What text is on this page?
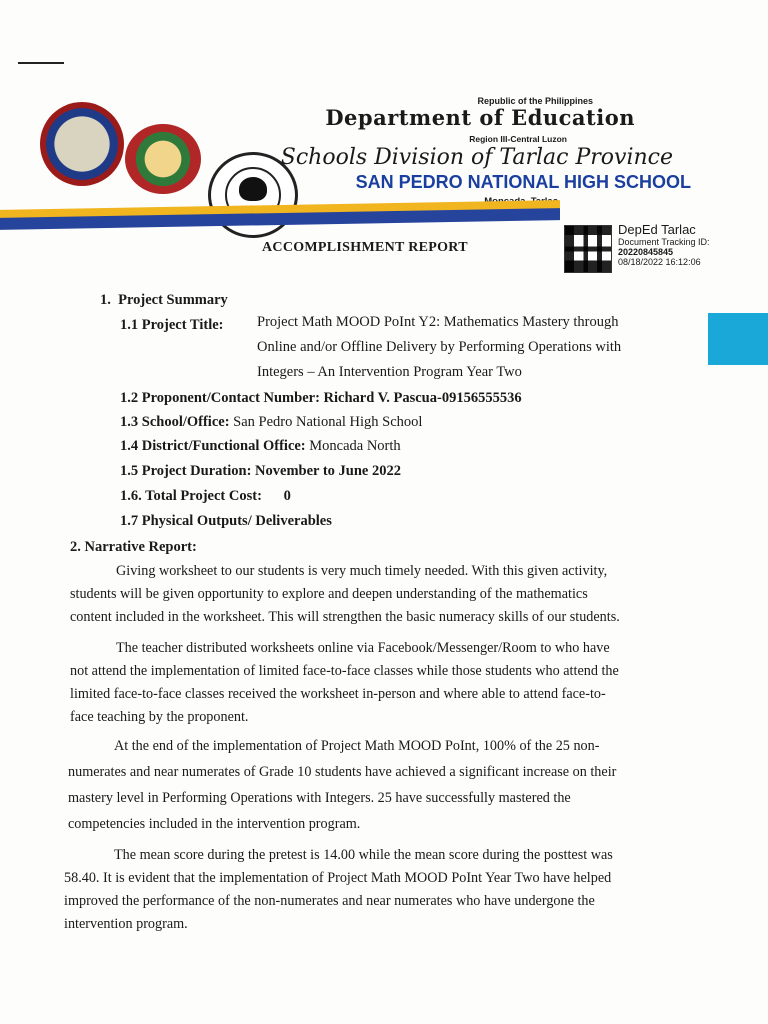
Republic of the Philippines
Department of Education
Region III-Central Luzon
Schools Division of Tarlac Province
SAN PEDRO NATIONAL HIGH SCHOOL
ACCOMPLISHMENT REPORT
DepEd Tarlac
Document Tracking ID:
20220845845
08/18/2022 16:12:06
1. Project Summary
1.1 Project Title: Project Math MOOD PoInt Y2: Mathematics Mastery through
Online and/or Offline Delivery by Performing Operations with
Integers – An Intervention Program Year Two
1.2 Proponent/Contact Number: Richard V. Pascua-09156555536
1.3 School/Office: San Pedro National High School
1.4 District/Functional Office: Moncada North
1.5 Project Duration: November to June 2022
1.6. Total Project Cost: 0
1.7 Physical Outputs/ Deliverables
2. Narrative Report:
Giving worksheet to our students is very much timely needed. With this given activity,
students will be given opportunity to explore and deepen understanding of the mathematics
content included in the worksheet. This will strengthen the basic numeracy skills of our students.
The teacher distributed worksheets online via Facebook/Messenger/Room to who have
not attend the implementation of limited face-to-face classes while those students who attend the
limited face-to-face classes received the worksheet in-person and where able to attend face-to-
face teaching by the proponent.
At the end of the implementation of Project Math MOOD PoInt, 100% of the 25 non-
numerates and near numerates of Grade 10 students have achieved a significant increase on their
mastery level in Performing Operations with Integers. 25 have successfully mastered the
competencies included in the intervention program.
The mean score during the pretest is 14.00 while the mean score during the posttest was
58.40. It is evident that the implementation of Project Math MOOD PoInt Year Two have helped
improved the performance of the non-numerates and near numerates who have undergone the
intervention program.
